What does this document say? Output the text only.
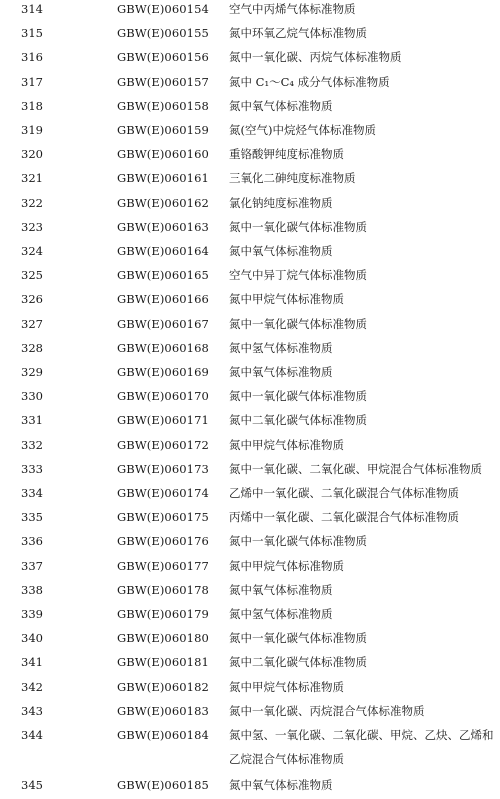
314	GBW(E)060154	空气中丙烯气体标准物质
315	GBW(E)060155	氮中环氧乙烷气体标准物质
316	GBW(E)060156	氮中一氧化碳、丙烷气体标准物质
317	GBW(E)060157	氮中 C₁～C₄ 成分气体标准物质
318	GBW(E)060158	氮中氧气体标准物质
319	GBW(E)060159	氮(空气)中烷烃气体标准物质
320	GBW(E)060160	重铬酸钾纯度标准物质
321	GBW(E)060161	三氧化二砷纯度标准物质
322	GBW(E)060162	氯化钠纯度标准物质
323	GBW(E)060163	氮中一氧化碳气体标准物质
324	GBW(E)060164	氮中氧气体标准物质
325	GBW(E)060165	空气中异丁烷气体标准物质
326	GBW(E)060166	氮中甲烷气体标准物质
327	GBW(E)060167	氮中一氧化碳气体标准物质
328	GBW(E)060168	氮中氢气体标准物质
329	GBW(E)060169	氮中氧气体标准物质
330	GBW(E)060170	氮中一氧化碳气体标准物质
331	GBW(E)060171	氮中二氧化碳气体标准物质
332	GBW(E)060172	氮中甲烷气体标准物质
333	GBW(E)060173	氮中一氧化碳、二氧化碳、甲烷混合气体标准物质
334	GBW(E)060174	乙烯中一氧化碳、二氧化碳混合气体标准物质
335	GBW(E)060175	丙烯中一氧化碳、二氧化碳混合气体标准物质
336	GBW(E)060176	氮中一氧化碳气体标准物质
337	GBW(E)060177	氮中甲烷气体标准物质
338	GBW(E)060178	氮中氧气体标准物质
339	GBW(E)060179	氮中氢气体标准物质
340	GBW(E)060180	氮中一氧化碳气体标准物质
341	GBW(E)060181	氮中二氧化碳气体标准物质
342	GBW(E)060182	氮中甲烷气体标准物质
343	GBW(E)060183	氮中一氧化碳、丙烷混合气体标准物质
344	GBW(E)060184	氮中氢、一氧化碳、二氧化碳、甲烷、乙炔、乙烯和乙烷混合气体标准物质
345	GBW(E)060185	氮中氧气体标准物质
